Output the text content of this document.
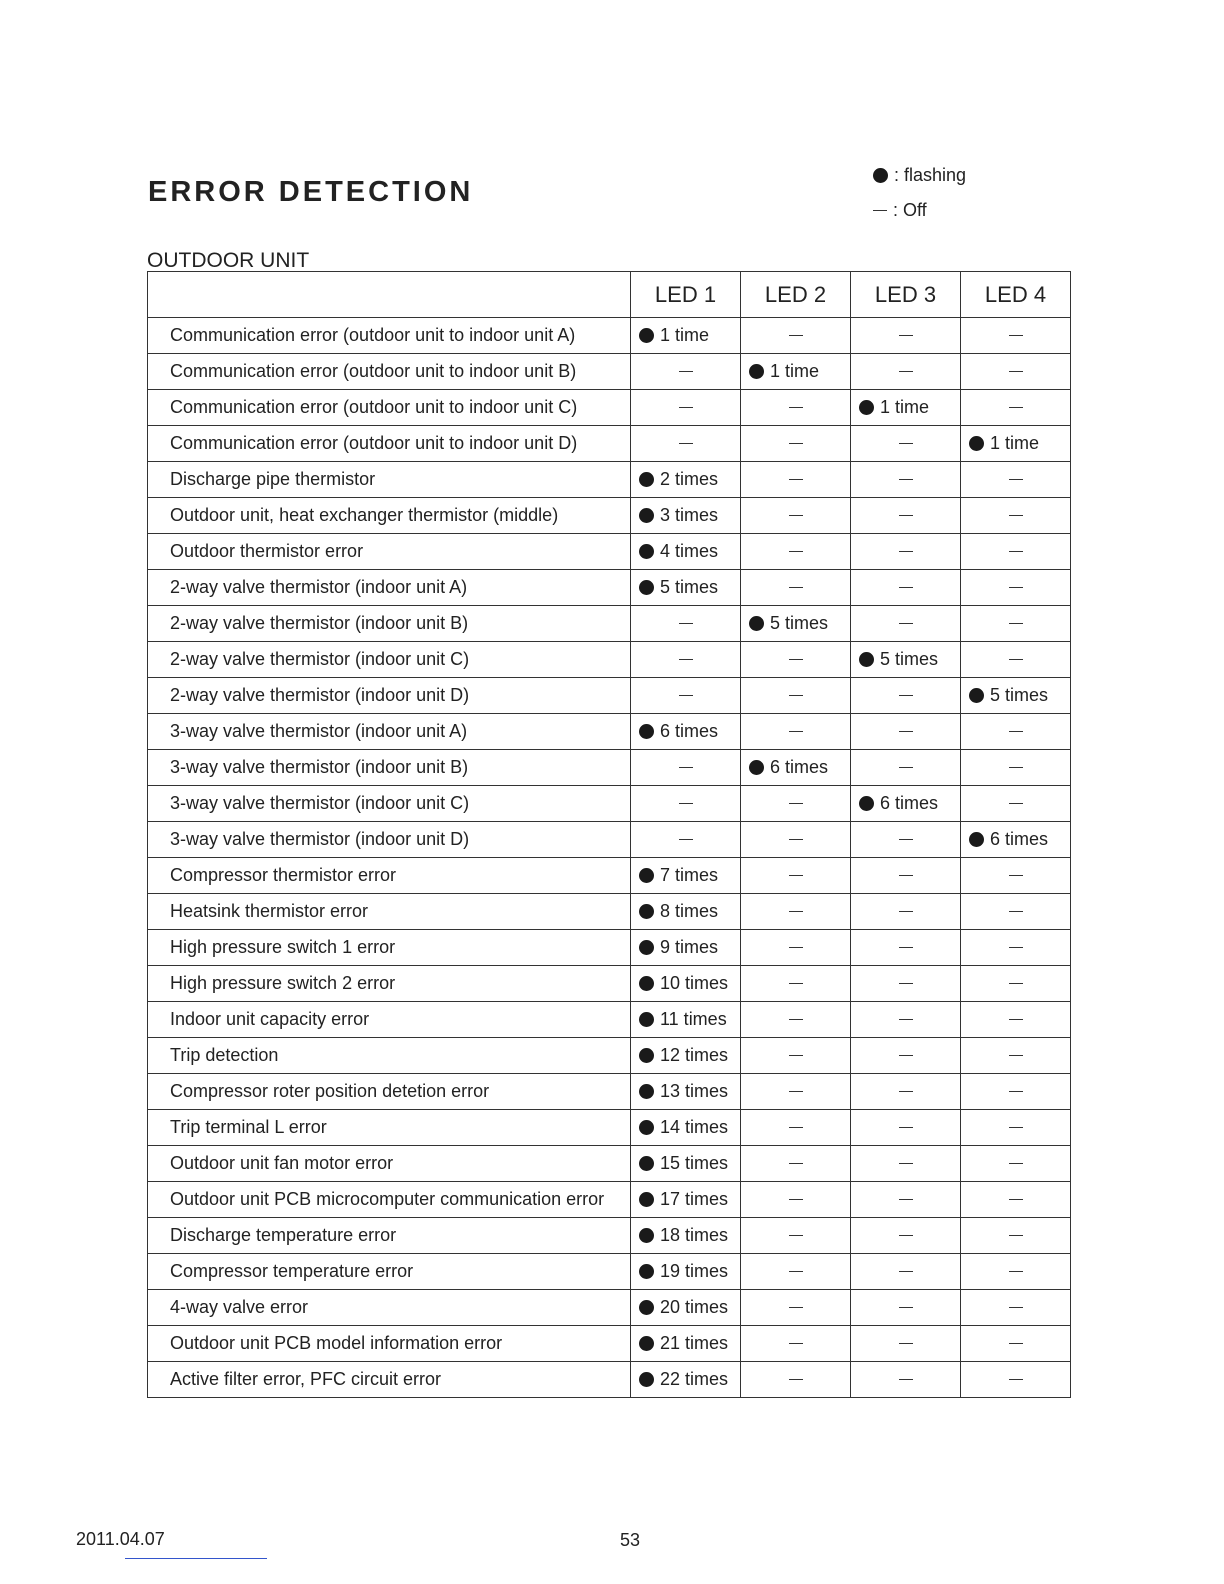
ERROR DETECTION
: flashing
: Off
OUTDOOR UNIT
	LED 1	LED 2	LED 3	LED 4
Communication error (outdoor unit to indoor unit A)	1 time			
Communication error (outdoor unit to indoor unit B)		1 time		
Communication error (outdoor unit to indoor unit C)			1 time	
Communication error (outdoor unit to indoor unit D)				1 time
Discharge pipe thermistor	2 times			
Outdoor unit, heat exchanger thermistor (middle)	3 times			
Outdoor thermistor error	4 times			
2-way valve thermistor (indoor unit A)	5 times			
2-way valve thermistor (indoor unit B)		5 times		
2-way valve thermistor (indoor unit C)			5 times	
2-way valve thermistor (indoor unit D)				5 times
3-way valve thermistor (indoor unit A)	6 times			
3-way valve thermistor (indoor unit B)		6 times		
3-way valve thermistor (indoor unit C)			6 times	
3-way valve thermistor (indoor unit D)				6 times
Compressor thermistor error	7 times			
Heatsink thermistor error	8 times			
High pressure switch 1 error	9 times			
High pressure switch 2 error	10 times			
Indoor unit capacity error	11 times			
Trip detection	12 times			
Compressor roter position detetion error	13 times			
Trip terminal L error	14 times			
Outdoor unit fan motor error	15 times			
Outdoor unit PCB microcomputer communication error	17 times			
Discharge temperature error	18 times			
Compressor temperature error	19 times			
4-way valve error	20 times			
Outdoor unit PCB model information error	21 times			
Active filter error, PFC circuit error	22 times			
2011.04.07	53
